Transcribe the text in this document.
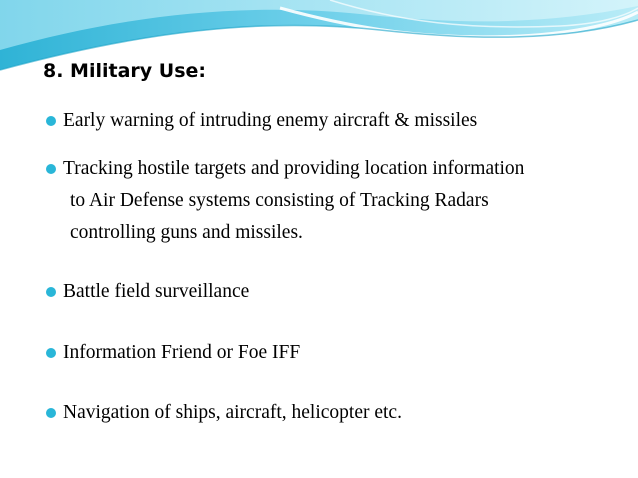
8. Military Use:

Early warning of intruding enemy aircraft & missiles

Tracking hostile targets and providing location information
to Air Defense systems consisting of Tracking Radars
controlling guns and missiles.

Battle field surveillance

Information Friend or Foe IFF

Navigation of ships, aircraft, helicopter etc.
